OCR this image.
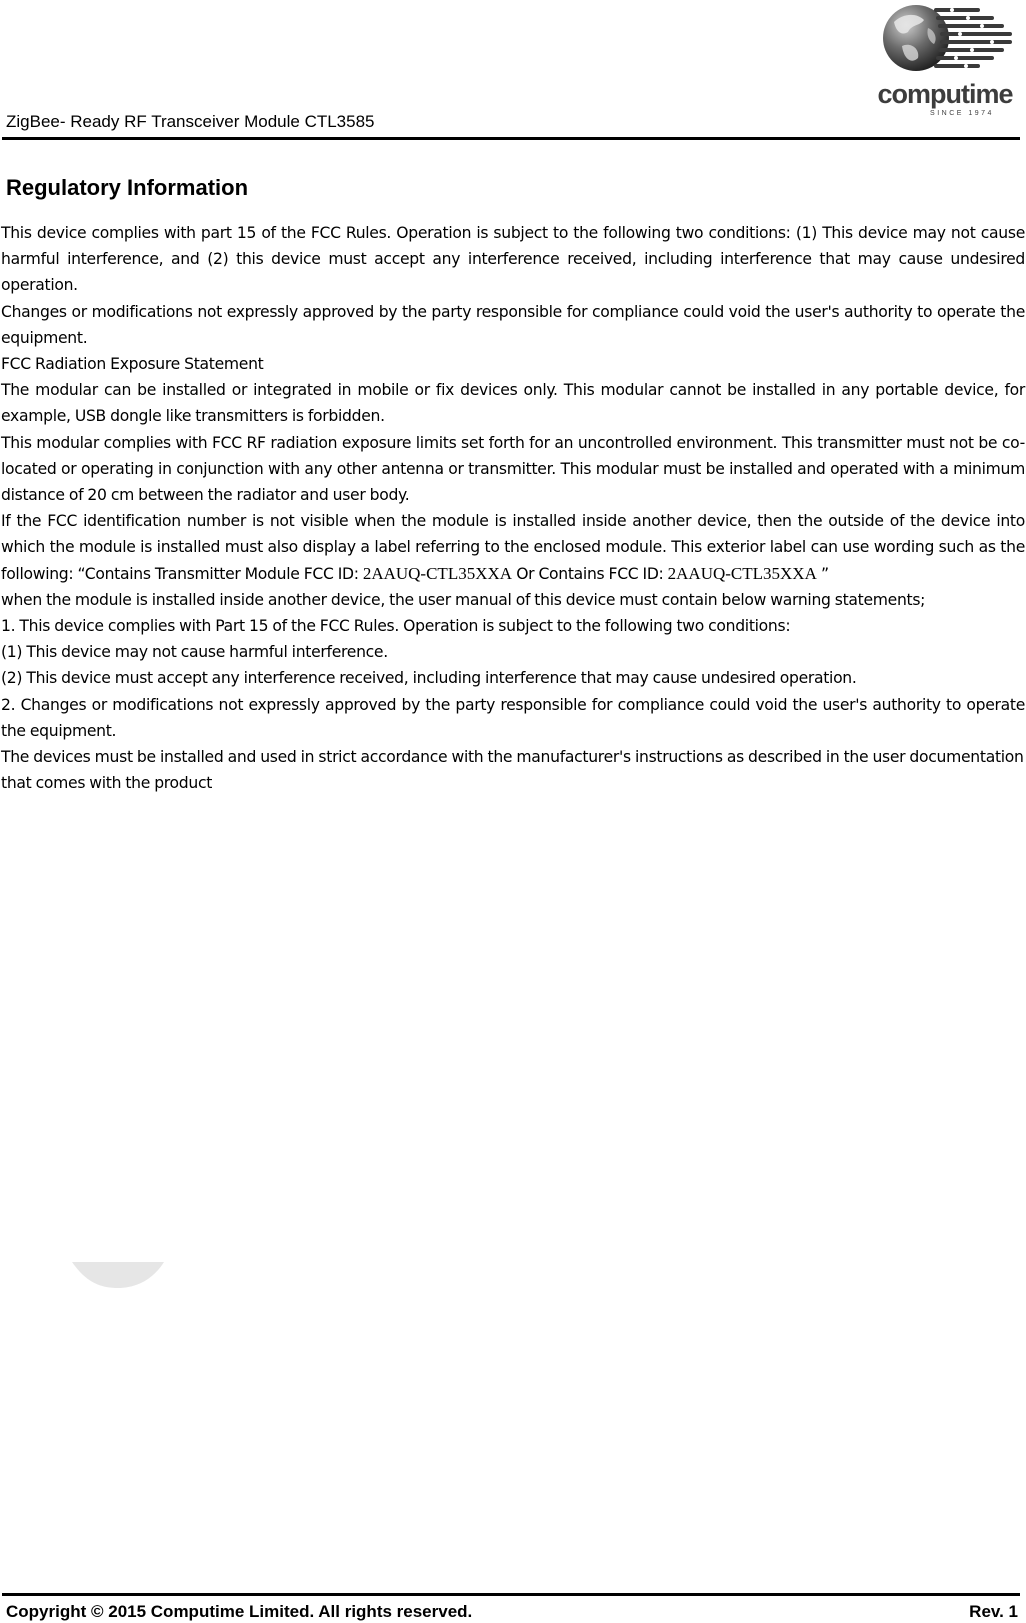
ZigBee- Ready RF Transceiver Module CTL3585
computime
SINCE 1974
Regulatory Information

This device complies with part 15 of the FCC Rules. Operation is subject to the following two conditions: (1) This device may not cause harmful interference, and (2) this device must accept any interference received, including interference that may cause undesired operation.

Changes or modifications not expressly approved by the party responsible for compliance could void the user's authority to operate the equipment.

FCC Radiation Exposure Statement

The modular can be installed or integrated in mobile or fix devices only. This modular cannot be installed in any portable device, for example, USB dongle like transmitters is forbidden.

This modular complies with FCC RF radiation exposure limits set forth for an uncontrolled environment. This transmitter must not be co-located or operating in conjunction with any other antenna or transmitter. This modular must be installed and operated with a minimum distance of 20 cm between the radiator and user body.

If the FCC identification number is not visible when the module is installed inside another device, then the outside of the device into which the module is installed must also display a label referring to the enclosed module. This exterior label can use wording such as the following: “Contains Transmitter Module FCC ID: 2AAUQ-CTL35XXA Or Contains FCC ID: 2AAUQ-CTL35XXA ”

when the module is installed inside another device, the user manual of this device must contain below warning statements;

1. This device complies with Part 15 of the FCC Rules. Operation is subject to the following two conditions:

(1) This device may not cause harmful interference.

(2) This device must accept any interference received, including interference that may cause undesired operation.

2. Changes or modifications not expressly approved by the party responsible for compliance could void the user's authority to operate the equipment.

The devices must be installed and used in strict accordance with the manufacturer's instructions as described in the user documentation that comes with the product

Copyright © 2015 Computime Limited. All rights reserved.	Rev. 1
